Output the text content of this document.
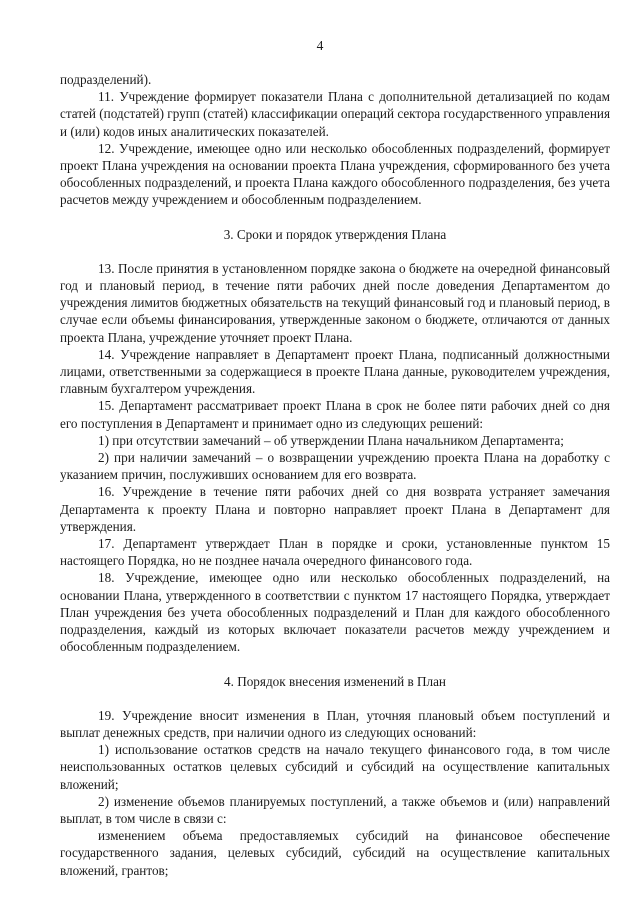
4

подразделений).

11. Учреждение формирует показатели Плана с дополнительной детализацией по кодам статей (подстатей) групп (статей) классификации операций сектора государственного управления и (или) кодов иных аналитических показателей.

12. Учреждение, имеющее одно или несколько обособленных подразделений, формирует проект Плана учреждения на основании проекта Плана учреждения, сформированного без учета обособленных подразделений, и проекта Плана каждого обособленного подразделения, без учета расчетов между учреждением и обособленным подразделением.

3. Сроки и порядок утверждения Плана

13. После принятия в установленном порядке закона о бюджете на очередной финансовый год и плановый период, в течение пяти рабочих дней после доведения Департаментом до учреждения лимитов бюджетных обязательств на текущий финансовый год и плановый период, в случае если объемы финансирования, утвержденные законом о бюджете, отличаются от данных проекта Плана, учреждение уточняет проект Плана.

14. Учреждение направляет в Департамент проект Плана, подписанный должностными лицами, ответственными за содержащиеся в проекте Плана данные, руководителем учреждения, главным бухгалтером учреждения.

15. Департамент рассматривает проект Плана в срок не более пяти рабочих дней со дня его поступления в Департамент и принимает одно из следующих решений:

1) при отсутствии замечаний – об утверждении Плана начальником Департамента;

2) при наличии замечаний – о возвращении учреждению проекта Плана на доработку с указанием причин, послуживших основанием для его возврата.

16. Учреждение в течение пяти рабочих дней со дня возврата устраняет замечания Департамента к проекту Плана и повторно направляет проект Плана в Департамент для утверждения.

17. Департамент утверждает План в порядке и сроки, установленные пунктом 15 настоящего Порядка, но не позднее начала очередного финансового года.

18. Учреждение, имеющее одно или несколько обособленных подразделений, на основании Плана, утвержденного в соответствии с пунктом 17 настоящего Порядка, утверждает План учреждения без учета обособленных подразделений и План для каждого обособленного подразделения, каждый из которых включает показатели расчетов между учреждением и обособленным подразделением.

4. Порядок внесения изменений в План

19. Учреждение вносит изменения в План, уточняя плановый объем поступлений и выплат денежных средств, при наличии одного из следующих оснований:

1) использование остатков средств на начало текущего финансового года, в том числе неиспользованных остатков целевых субсидий и субсидий на осуществление капитальных вложений;

2) изменение объемов планируемых поступлений, а также объемов и (или) направлений выплат, в том числе в связи с:

изменением объема предоставляемых субсидий на финансовое обеспечение государственного задания, целевых субсидий, субсидий на осуществление капитальных вложений, грантов;
